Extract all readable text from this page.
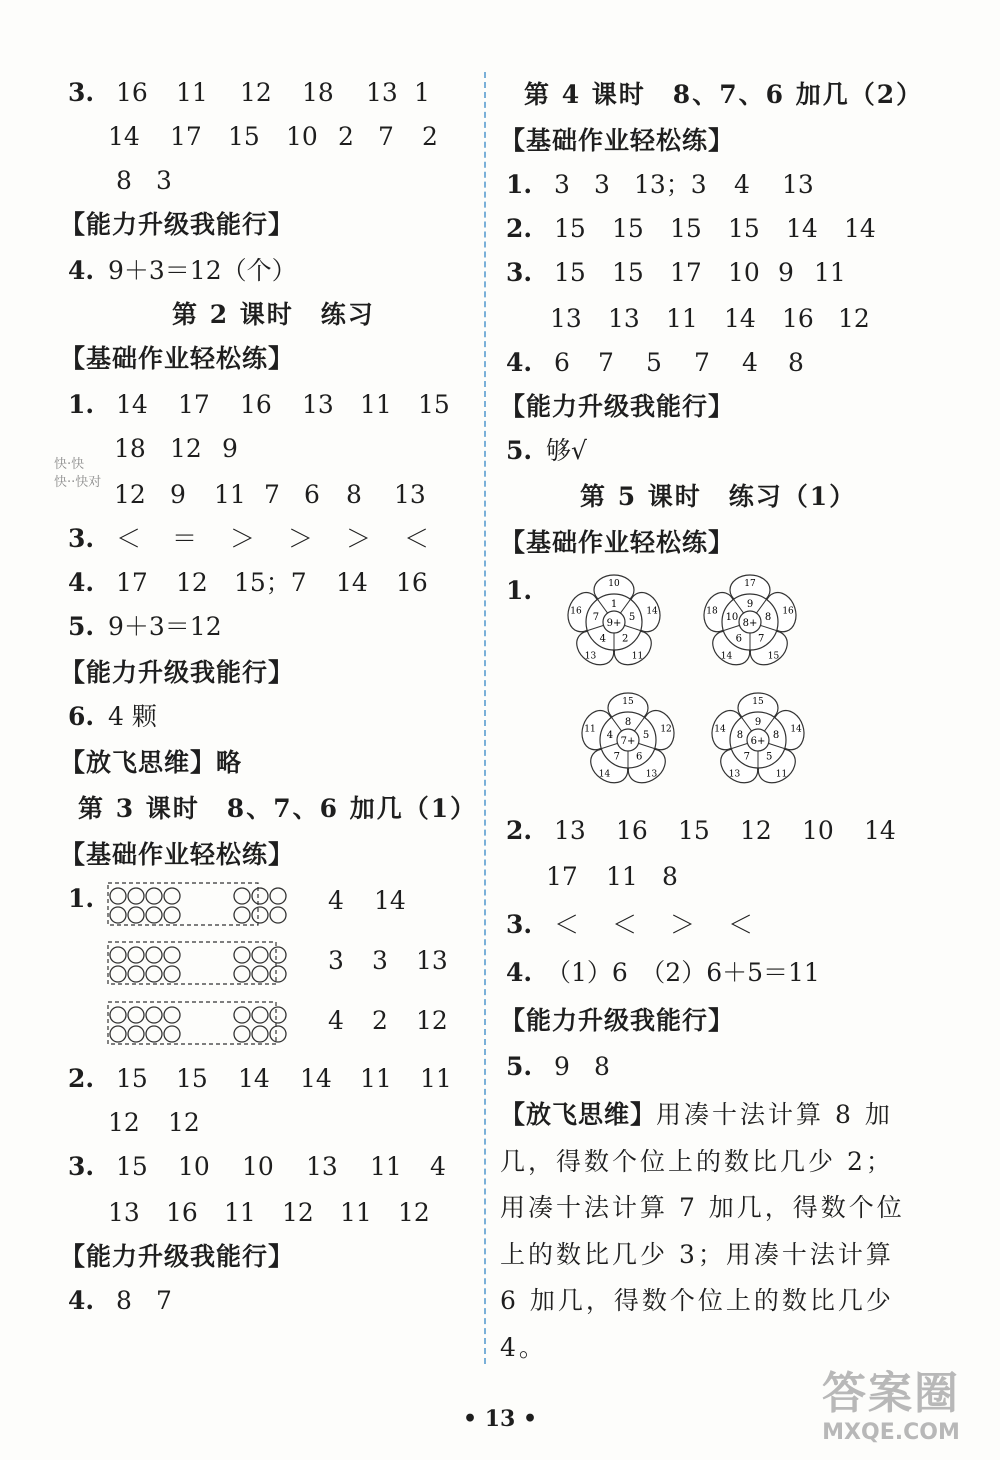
3. 16 11 12 18 13 1
14 17 15 10 2 7 2
8 3
【能力升级我能行】
4. 9＋3＝12（个）
第 2 课时　练习
【基础作业轻松练】
1. 14 17 16 13 11 15
18 12 9
快·快
快··快对 12 9 11 7 6 8 13
3. ＜ ＝ ＞ ＞ ＞ ＜
4. 17 12 15；7 14 16
5. 9＋3＝12
【能力升级我能行】
6. 4 颗
【放飞思维】略
第 3 课时　8、7、6 加几（1）
【基础作业轻松练】
1.	4 14
3 3 13
4 2 12
2. 15 15 14 14 11 11
12 12
3. 15 10 10 13 11 4
13 16 11 12 11 12
【能力升级我能行】
4. 8 7
第 4 课时　8、7、6 加几（2）
【基础作业轻松练】
1. 3 3 13；3 4 13
2. 15 15 15 15 14 14
3. 15 15 17 10 9 11
13 13 11 14 16 12
4. 6 7 5 7 4 8
【能力升级我能行】
5. 够√
第 5 课时　练习（1）
【基础作业轻松练】
1.
9+
1
5
2
4
7
10
14
11
13
16
8+
9
8
7
6
10
17
16
15
14
18
7+
8
5
6
7
4
15
12
13
14
11
6+
9
8
5
7
8
15
14
11
13
14
2. 13 16 15 12 10 14
17 11 8
3. ＜ ＜ ＞ ＜
4. （1）6　（2）6＋5＝11
【能力升级我能行】
5. 9 8
【放飞思维】用凑十法计算 8 加几，得数个位上的数比几少 2；用凑十法计算 7 加几，得数个位上的数比几少 3；用凑十法计算 6 加几，得数个位上的数比几少 4。
• 13 •	答案圈
MXQE.COM
